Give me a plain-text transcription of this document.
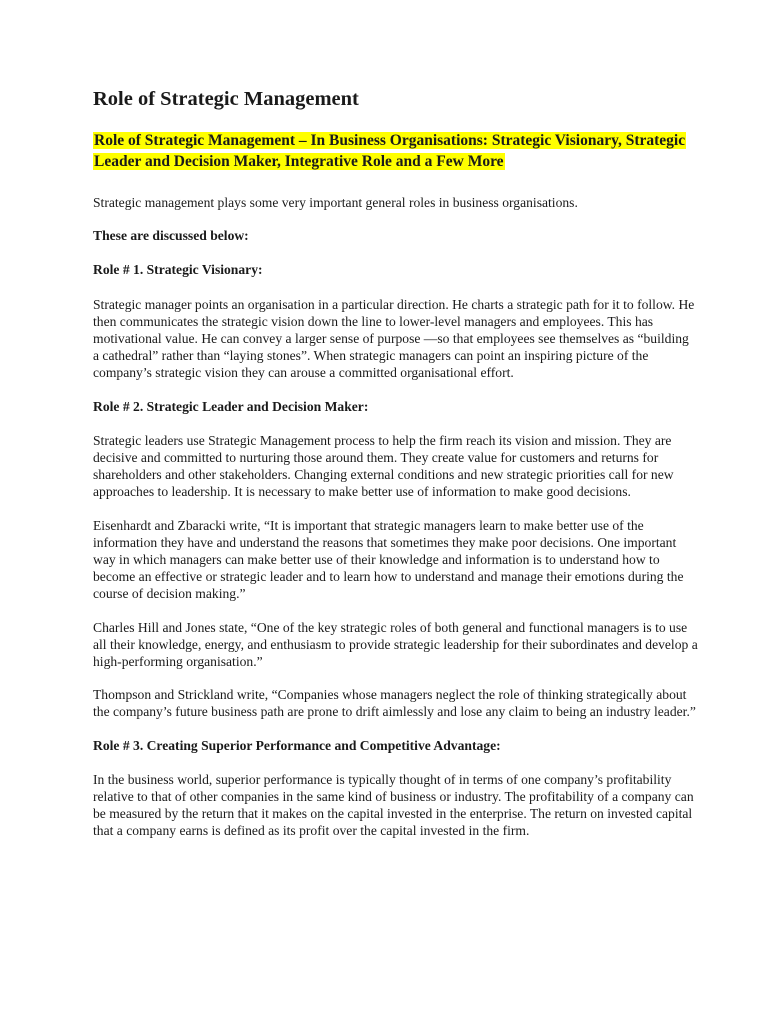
Role of Strategic Management

Role of Strategic Management – In Business Organisations: Strategic Visionary, Strategic Leader and Decision Maker, Integrative Role and a Few More

Strategic management plays some very important general roles in business organisations.

These are discussed below:

Role # 1. Strategic Visionary:

Strategic manager points an organisation in a particular direction. He charts a strategic path for it to follow. He then communicates the strategic vision down the line to lower-level managers and employees. This has motivational value. He can convey a larger sense of purpose —so that employees see themselves as “building a cathedral” rather than “laying stones”. When strategic managers can point an inspiring picture of the company’s strategic vision they can arouse a committed organisational effort.

Role # 2. Strategic Leader and Decision Maker:

Strategic leaders use Strategic Management process to help the firm reach its vision and mission. They are decisive and committed to nurturing those around them. They create value for customers and returns for shareholders and other stakeholders. Changing external conditions and new strategic priorities call for new approaches to leadership. It is necessary to make better use of information to make good decisions.

Eisenhardt and Zbaracki write, “It is important that strategic managers learn to make better use of the information they have and understand the reasons that sometimes they make poor decisions. One important way in which managers can make better use of their knowledge and information is to understand how to become an effective or strategic leader and to learn how to understand and manage their emotions during the course of decision making.”

Charles Hill and Jones state, “One of the key strategic roles of both general and functional managers is to use all their knowledge, energy, and enthusiasm to provide strategic leadership for their subordinates and develop a high-performing organisation.”

Thompson and Strickland write, “Companies whose managers neglect the role of thinking strategically about the company’s future business path are prone to drift aimlessly and lose any claim to being an industry leader.”

Role # 3. Creating Superior Performance and Competitive Advantage:

In the business world, superior performance is typically thought of in terms of one company’s profitability relative to that of other companies in the same kind of business or industry. The profitability of a company can be measured by the return that it makes on the capital invested in the enterprise. The return on invested capital that a company earns is defined as its profit over the capital invested in the firm.
